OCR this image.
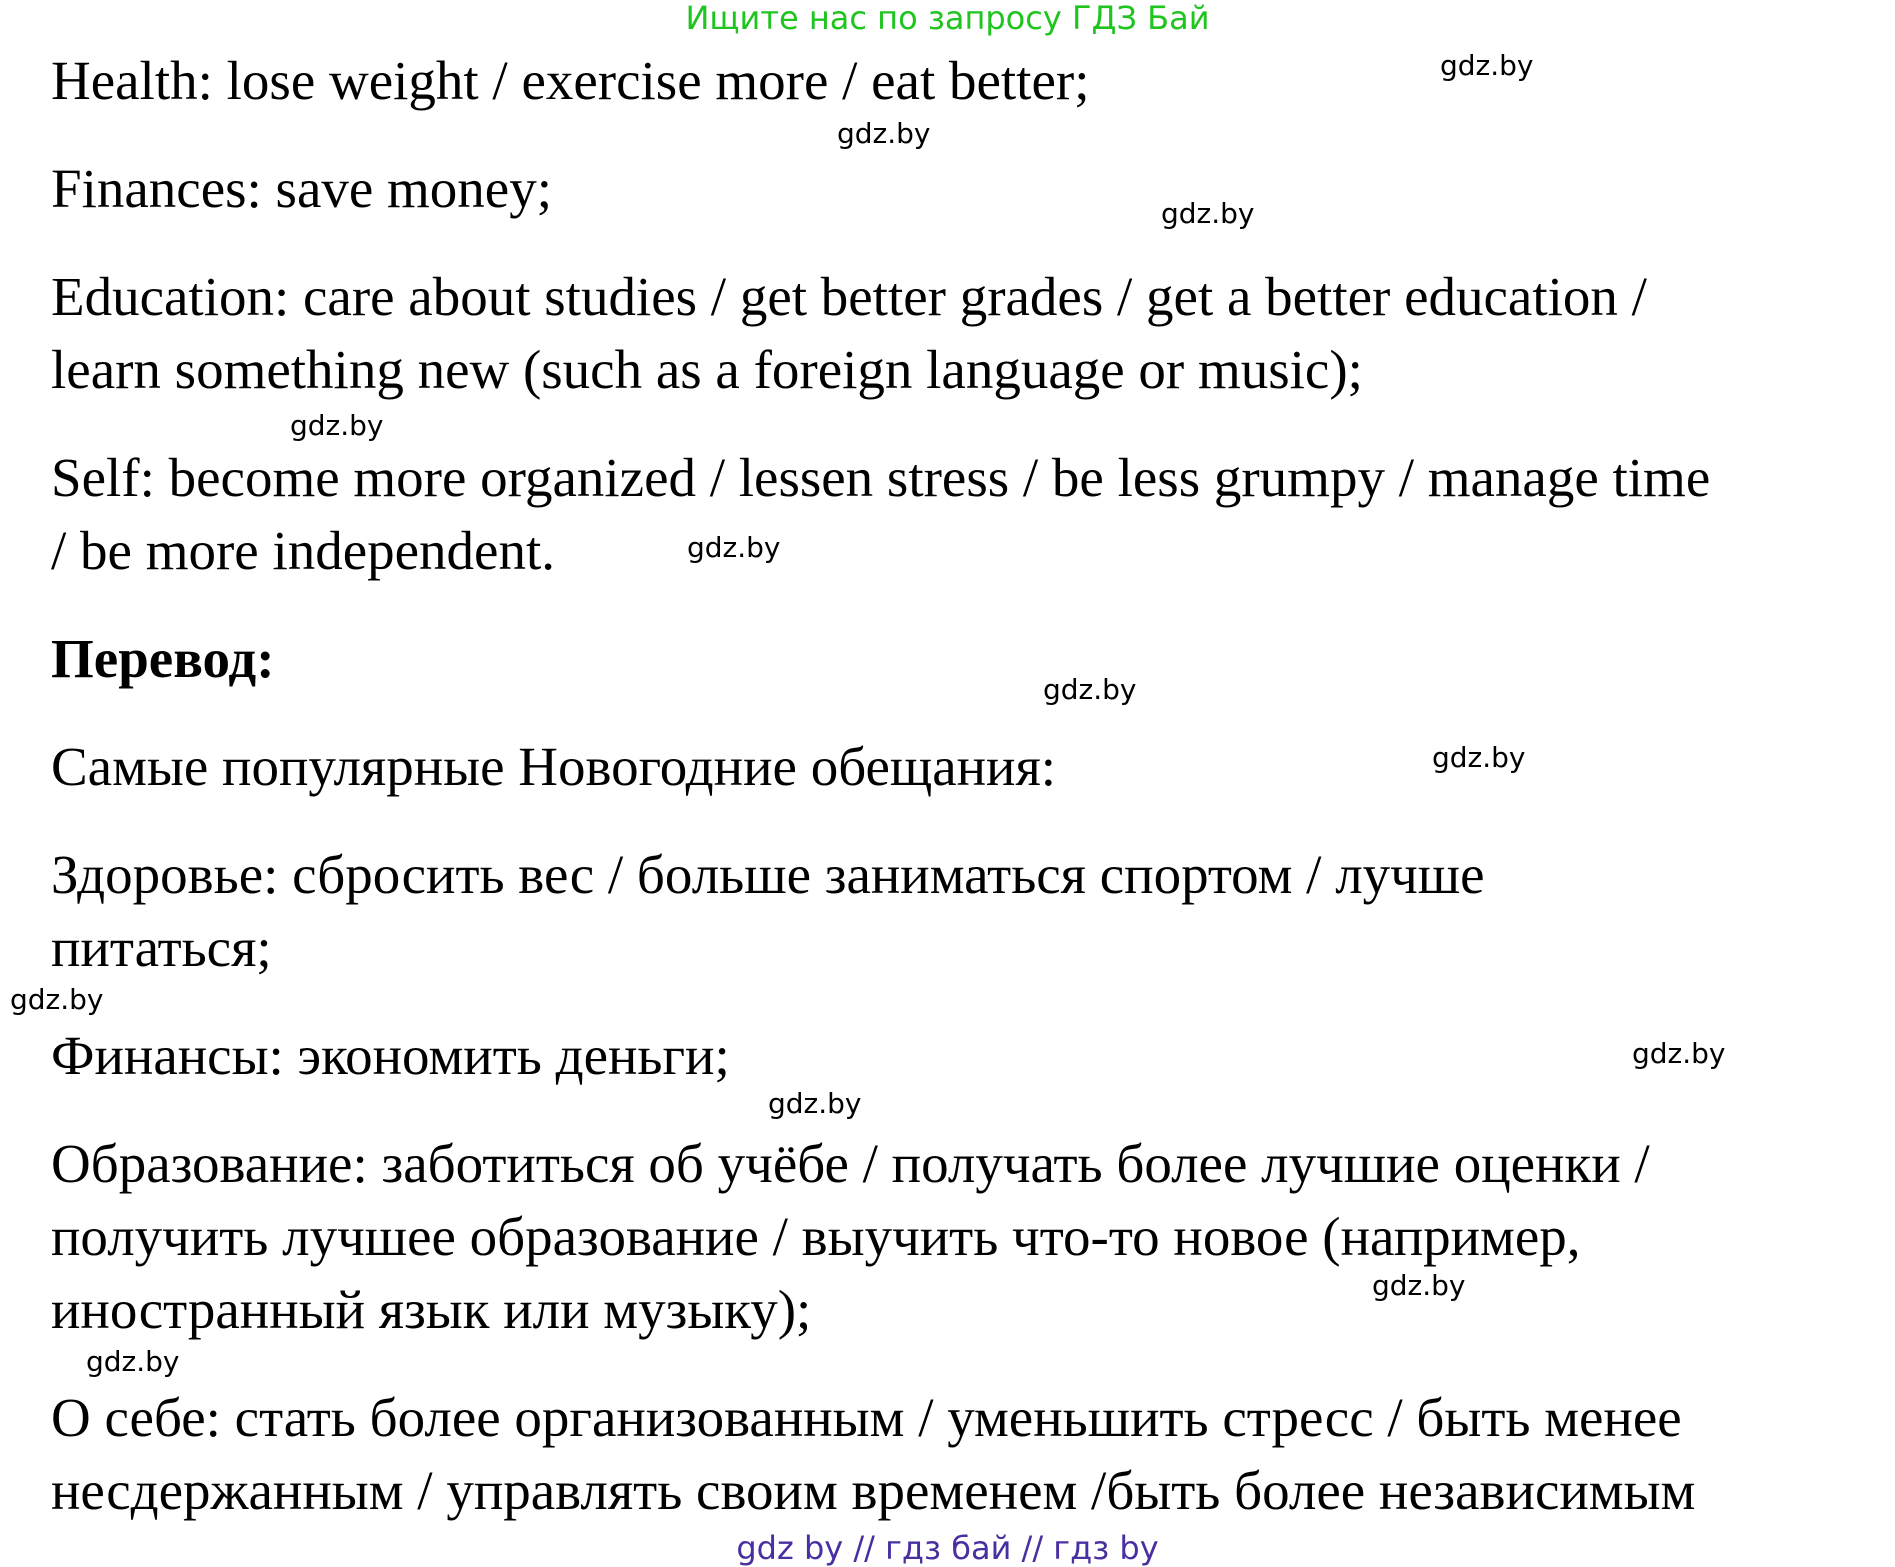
Ищите нас по запросу ГДЗ Бай
Health: lose weight / exercise more / eat better;
Finances: save money;
Education: care about studies / get better grades / get a better education /
learn something new (such as a foreign language or music);
Self: become more organized / lessen stress / be less grumpy / manage time
/ be more independent.
Перевод:
Самые популярные Новогодние обещания:
Здоровье: сбросить вес / больше заниматься спортом / лучше
питаться;
Финансы: экономить деньги;
Образование: заботиться об учёбе / получать более лучшие оценки /
получить лучшее образование / выучить что-то новое (например,
иностранный язык или музыку);
О себе: стать более организованным / уменьшить стресс / быть менее
несдержанным / управлять своим временем /быть более независимым
gdz.by
gdz.by
gdz.by
gdz.by
gdz.by
gdz.by
gdz.by
gdz.by
gdz.by
gdz.by
gdz.by
gdz.by
gdz by // гдз бай // гдз by
